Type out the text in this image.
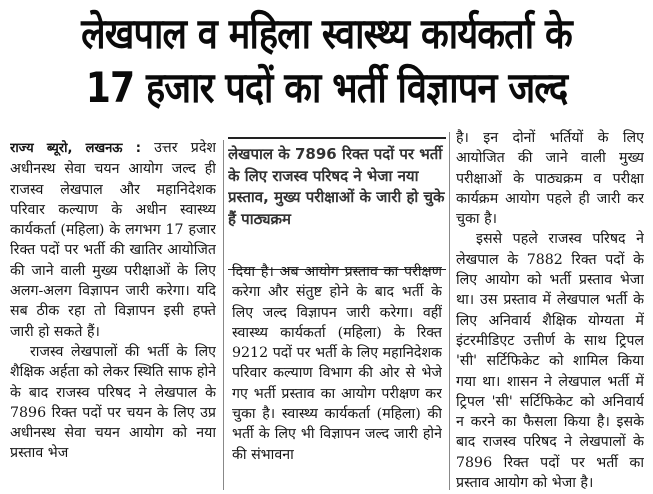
लेखपाल व महिला स्वास्थ्य कार्यकर्ता के
17 हजार पदों का भर्ती विज्ञापन जल्द

राज्य ब्यूरो, लखनऊ : उत्तर प्रदेश अधीनस्थ सेवा चयन आयोग जल्द ही राजस्व लेखपाल और महानिदेशक परिवार कल्याण के अधीन स्वास्थ्य कार्यकर्ता (महिला) के लगभग 17 हजार रिक्त पदों पर भर्ती की खातिर आयोजित की जाने वाली मुख्य परीक्षाओं के लिए अलग-अलग विज्ञापन जारी करेगा। यदि सब ठीक रहा तो विज्ञापन इसी हफ्ते जारी हो सकते हैं।

राजस्व लेखपालों की भर्ती के लिए शैक्षिक अर्हता को लेकर स्थिति साफ होने के बाद राजस्व परिषद ने लेखपाल के 7896 रिक्त पदों पर चयन के लिए उप्र अधीनस्थ सेवा चयन आयोग को नया प्रस्ताव भेज

लेखपाल के 7896 रिक्त पदों पर भर्ती के लिए राजस्व परिषद ने भेजा नया प्रस्ताव, मुख्य परीक्षाओं के जारी हो चुके हैं पाठ्यक्रम

दिया है। अब आयोग प्रस्ताव का परीक्षण करेगा और संतुष्ट होने के बाद भर्ती के लिए जल्द विज्ञापन जारी करेगा। वहीं स्वास्थ्य कार्यकर्ता (महिला) के रिक्त 9212 पदों पर भर्ती के लिए महानिदेशक परिवार कल्याण विभाग की ओर से भेजे गए भर्ती प्रस्ताव का आयोग परीक्षण कर चुका है। स्वास्थ्य कार्यकर्ता (महिला) की भर्ती के लिए भी विज्ञापन जल्द जारी होने की संभावना

है। इन दोनों भर्तियों के लिए आयोजित की जाने वाली मुख्य परीक्षाओं के पाठ्यक्रम व परीक्षा कार्यक्रम आयोग पहले ही जारी कर चुका है।

इससे पहले राजस्व परिषद ने लेखपाल के 7882 रिक्त पदों के लिए आयोग को भर्ती प्रस्ताव भेजा था। उस प्रस्ताव में लेखपाल भर्ती के लिए अनिवार्य शैक्षिक योग्यता में इंटरमीडिएट उत्तीर्ण के साथ ट्रिपल 'सी' सर्टिफिकेट को शामिल किया गया था। शासन ने लेखपाल भर्ती में ट्रिपल 'सी' सर्टिफिकेट को अनिवार्य न करने का फैसला किया है। इसके बाद राजस्व परिषद ने लेखपालों के 7896 रिक्त पदों पर भर्ती का प्रस्ताव आयोग को भेजा है।
